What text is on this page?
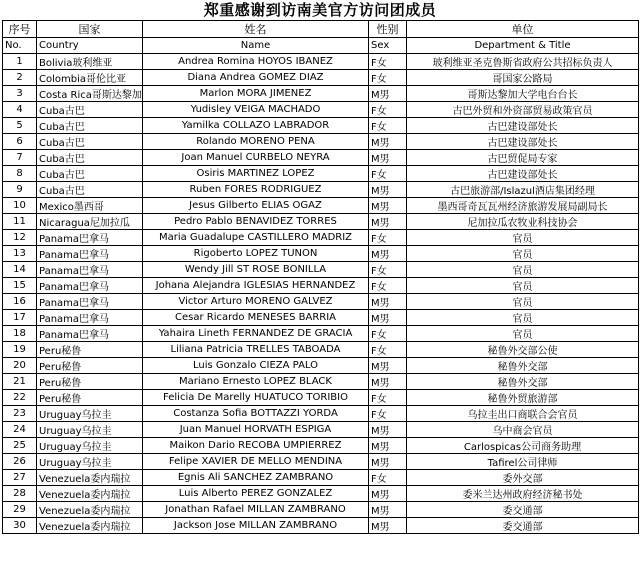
郑重感谢到访南美官方访问团成员
序号	国家	姓名	性别	单位
No.	Country	Name	Sex	Department & Title
1	Bolivia玻利维亚	Andrea Romina HOYOS IBANEZ	F女	玻利维亚圣克鲁斯省政府公共招标负责人
2	Colombia哥伦比亚	Diana Andrea GOMEZ DIAZ	F女	哥国家公路局
3	Costa Rica哥斯达黎加	Marlon MORA JIMENEZ	M男	哥斯达黎加大学电台台长
4	Cuba古巴	Yudisley VEIGA MACHADO	F女	古巴外贸和外资部贸易政策官员
5	Cuba古巴	Yamilka COLLAZO LABRADOR	F女	古巴建设部处长
6	Cuba古巴	Rolando MORENO PENA	M男	古巴建设部处长
7	Cuba古巴	Joan Manuel CURBELO NEYRA	M男	古巴贸促局专家
8	Cuba古巴	Osiris MARTINEZ LOPEZ	F女	古巴建设部处长
9	Cuba古巴	Ruben FORES RODRIGUEZ	M男	古巴旅游部/Islazul酒店集团经理
10	Mexico墨西哥	Jesus Gilberto ELIAS OGAZ	M男	墨西哥奇瓦瓦州经济旅游发展局副局长
11	Nicaragua尼加拉瓜	Pedro Pablo BENAVIDEZ TORRES	M男	尼加拉瓜农牧业科技协会
12	Panama巴拿马	Maria Guadalupe CASTILLERO MADRIZ	F女	官员
13	Panama巴拿马	Rigoberto LOPEZ TUNON	M男	官员
14	Panama巴拿马	Wendy Jill ST ROSE BONILLA	F女	官员
15	Panama巴拿马	Johana Alejandra IGLESIAS HERNANDEZ	F女	官员
16	Panama巴拿马	Victor Arturo MORENO GALVEZ	M男	官员
17	Panama巴拿马	Cesar Ricardo MENESES BARRIA	M男	官员
18	Panama巴拿马	Yahaira Lineth FERNANDEZ DE GRACIA	F女	官员
19	Peru秘鲁	Liliana Patricia TRELLES TABOADA	F女	秘鲁外交部公使
20	Peru秘鲁	Luis Gonzalo CIEZA PALO	M男	秘鲁外交部
21	Peru秘鲁	Mariano Ernesto LOPEZ BLACK	M男	秘鲁外交部
22	Peru秘鲁	Felicia De Marelly HUATUCO TORIBIO	F女	秘鲁外贸旅游部
23	Uruguay乌拉圭	Costanza Sofia BOTTAZZI YORDA	F女	乌拉圭出口商联合会官员
24	Uruguay乌拉圭	Juan Manuel HORVATH ESPIGA	M男	乌中商会官员
25	Uruguay乌拉圭	Maikon Dario RECOBA UMPIERREZ	M男	Carlospicas公司商务助理
26	Uruguay乌拉圭	Felipe XAVIER DE MELLO MENDINA	M男	Tafirel公司律师
27	Venezuela委内瑞拉	Egnis Ali SANCHEZ ZAMBRANO	F女	委外交部
28	Venezuela委内瑞拉	Luis Alberto PEREZ GONZALEZ	M男	委米兰达州政府经济秘书处
29	Venezuela委内瑞拉	Jonathan Rafael MILLAN ZAMBRANO	M男	委交通部
30	Venezuela委内瑞拉	Jackson Jose MILLAN ZAMBRANO	M男	委交通部
